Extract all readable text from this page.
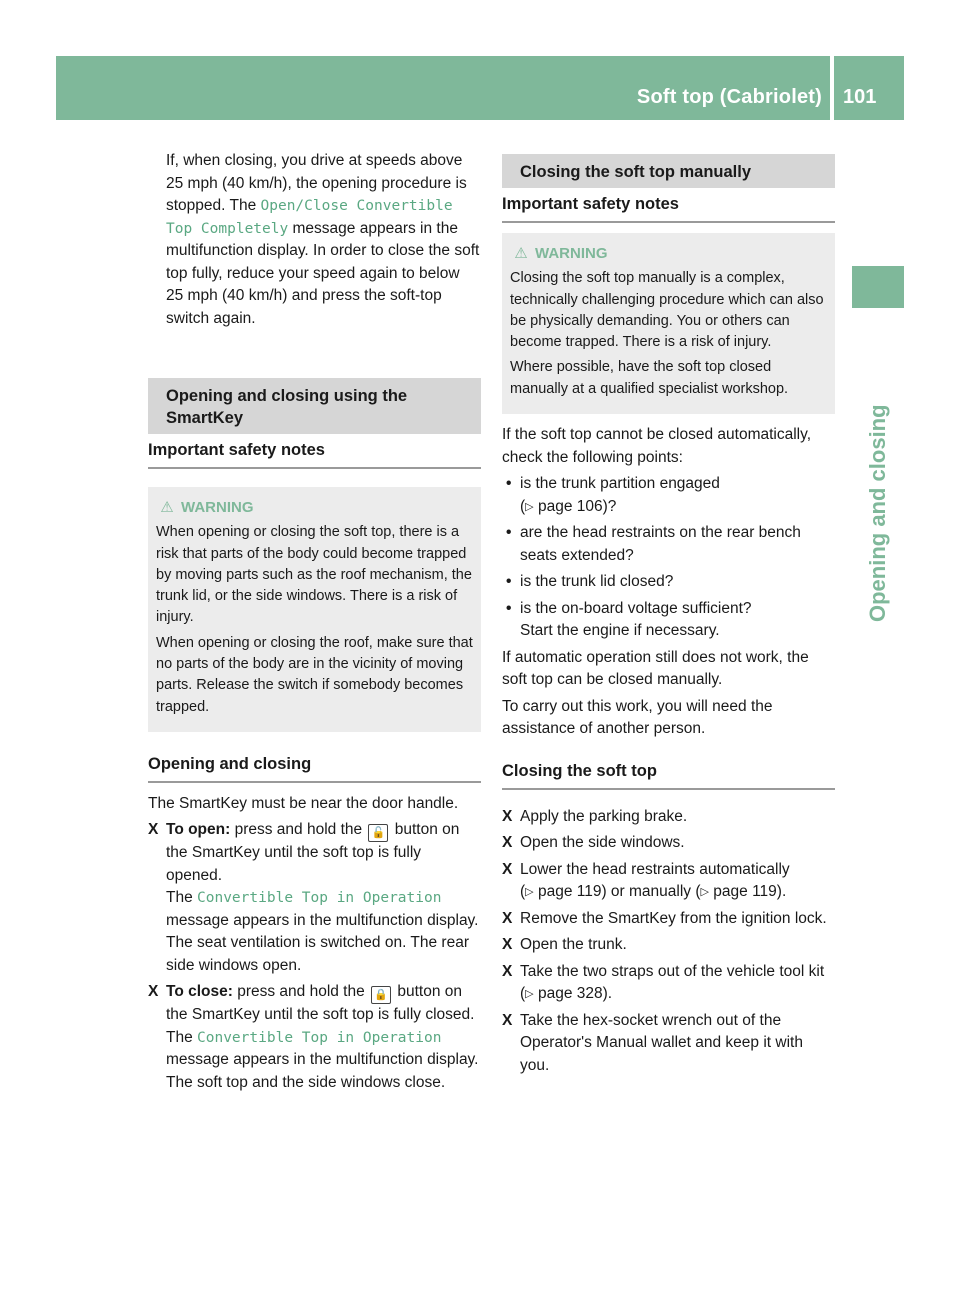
Soft top (Cabriolet) 101
Opening and closing

If, when closing, you drive at speeds above 25 mph (40 km/h), the opening procedure is stopped. The Open/Close Convertible Top Completely message appears in the multifunction display. In order to close the soft top fully, reduce your speed again to below 25 mph (40 km/h) and press the soft-top switch again.

Opening and closing using the SmartKey
Important safety notes
⚠ WARNING

When opening or closing the soft top, there is a risk that parts of the body could become trapped by moving parts such as the roof mechanism, the trunk lid, or the side windows. There is a risk of injury.

When opening or closing the roof, make sure that no parts of the body are in the vicinity of moving parts. Release the switch if somebody becomes trapped.

Opening and closing

The SmartKey must be near the door handle.

X To open: press and hold the 🔓 button on the SmartKey until the soft top is fully opened.
The Convertible Top in Operation
message appears in the multifunction display. The seat ventilation is switched on. The rear side windows open.
X To close: press and hold the 🔒 button on the SmartKey until the soft top is fully closed.
The Convertible Top in Operation
message appears in the multifunction display. The soft top and the side windows close.
Closing the soft top manually
Important safety notes
⚠ WARNING

Closing the soft top manually is a complex, technically challenging procedure which can also be physically demanding. You or others can become trapped. There is a risk of injury.

Where possible, have the soft top closed manually at a qualified specialist workshop.

If the soft top cannot be closed automatically, check the following points:

• is the trunk partition engaged
(▷ page 106)?
• are the head restraints on the rear bench seats extended?
• is the trunk lid closed?
• is the on-board voltage sufficient?
Start the engine if necessary.

If automatic operation still does not work, the soft top can be closed manually.

To carry out this work, you will need the assistance of another person.

Closing the soft top
X Apply the parking brake.
X Open the side windows.
X Lower the head restraints automatically
(▷ page 119) or manually (▷ page 119).
X Remove the SmartKey from the ignition lock.
X Open the trunk.
X Take the two straps out of the vehicle tool kit (▷ page 328).
X Take the hex-socket wrench out of the Operator's Manual wallet and keep it with you.
